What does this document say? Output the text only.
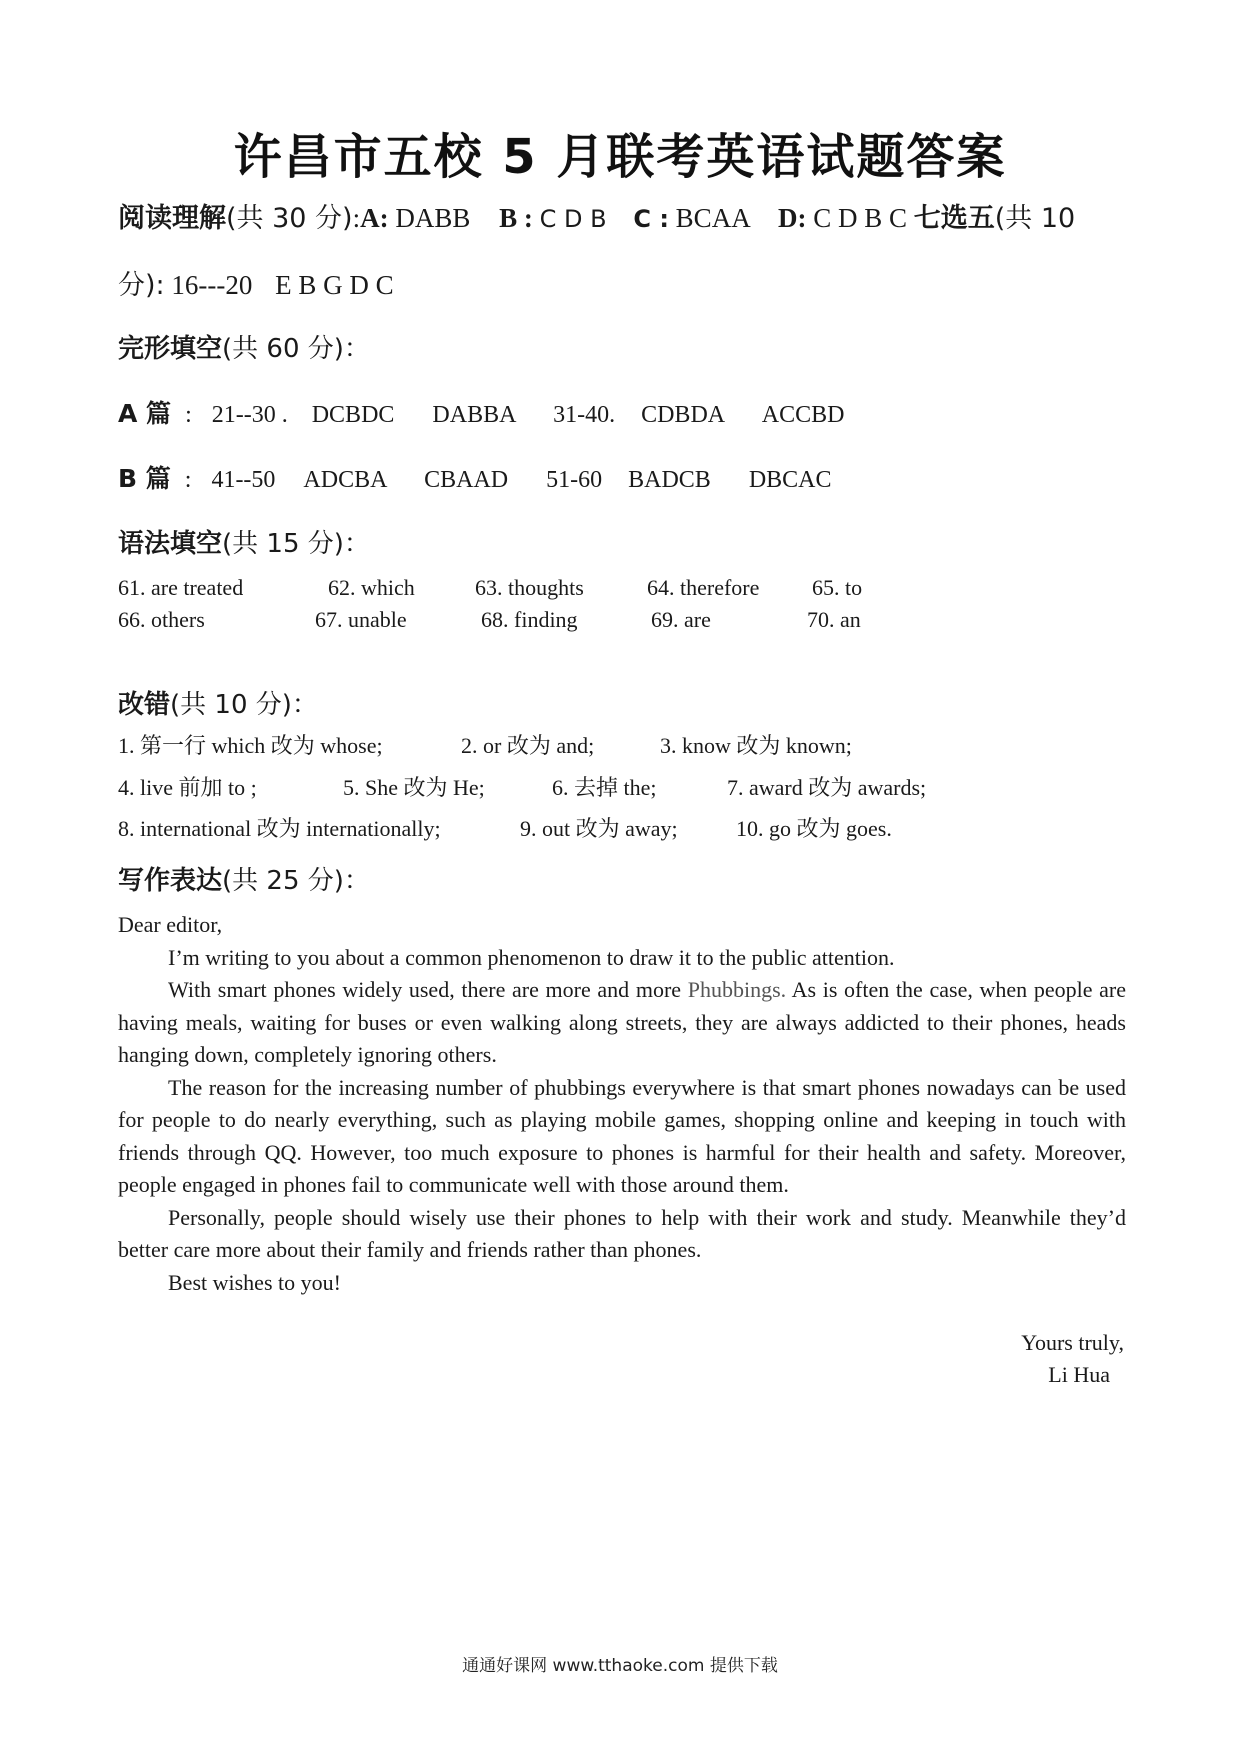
许昌市五校 5 月联考英语试题答案
阅读理解(共 30 分):A: DABB B : C D B C : BCAA D: C D B C 七选五(共 10
分): 16---20 E B G D C
完形填空(共 60 分)：
A 篇 : 21--30 . DCBDC DABBA 31-40. CDBDA ACCBD
B 篇 : 41--50 ADCBA CBAAD 51-60 BADCB DBCAC
语法填空(共 15 分)：
61. are treated	62. which	63. thoughts	64. therefore 65. to
66. others	67. unable	68. finding	69. are	70. an
改错(共 10 分)：
1. 第一行 which 改为 whose;	2. or 改为 and;	3. know 改为 known;
4. live 前加 to ;	5. She 改为 He;	6. 去掉 the;	7. award 改为 awards;
8. international 改为 internationally;	9. out 改为 away;	10. go 改为 goes.
写作表达(共 25 分)：

Dear editor,

I’m writing to you about a common phenomenon to draw it to the public attention.

With smart phones widely used, there are more and more Phubbings. As is often the case, when people are having meals, waiting for buses or even walking along streets, they are always addicted to their phones, heads hanging down, completely ignoring others.

The reason for the increasing number of phubbings everywhere is that smart phones nowadays can be used for people to do nearly everything, such as playing mobile games, shopping online and keeping in touch with friends through QQ. However, too much exposure to phones is harmful for their health and safety. Moreover, people engaged in phones fail to communicate well with those around them.

Personally, people should wisely use their phones to help with their work and study. Meanwhile they’d better care more about their family and friends rather than phones.

Best wishes to you!

Yours truly,
Li Hua
通通好课网 www.tthaoke.com 提供下载
